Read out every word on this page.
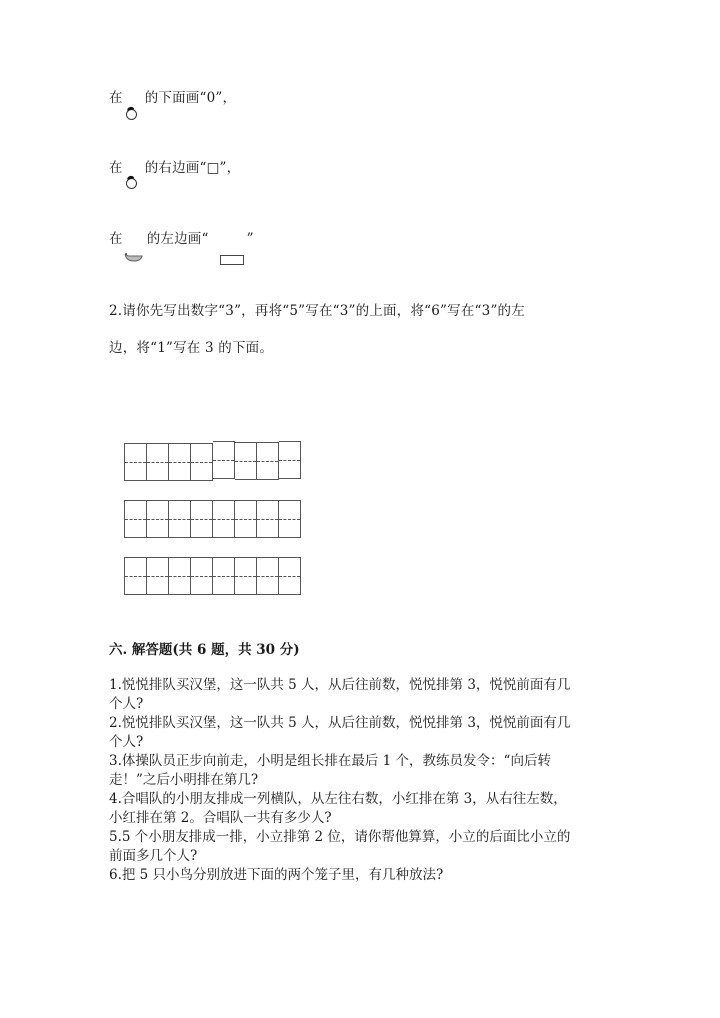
在 的下面画“0”，
在 的右边画“□”，
在 的左边画“	”
2.请你先写出数字“3”，再将“5”写在“3”的上面，将“6”写在“3”的左
边，将“1”写在 3 的下面。
六. 解答题(共 6 题，共 30 分)
1.悦悦排队买汉堡，这一队共 5 人，从后往前数，悦悦排第 3，悦悦前面有几
个人?
2.悦悦排队买汉堡，这一队共 5 人，从后往前数，悦悦排第 3，悦悦前面有几
个人?
3.体操队员正步向前走，小明是组长排在最后 1 个，教练员发令：“向后转
走！”之后小明排在第几?
4.合唱队的小朋友排成一列横队，从左往右数，小红排在第 3，从右往左数，
小红排在第 2。合唱队一共有多少人?
5.5 个小朋友排成一排，小立排第 2 位，请你帮他算算，小立的后面比小立的
前面多几个人?
6.把 5 只小鸟分别放进下面的两个笼子里，有几种放法?
